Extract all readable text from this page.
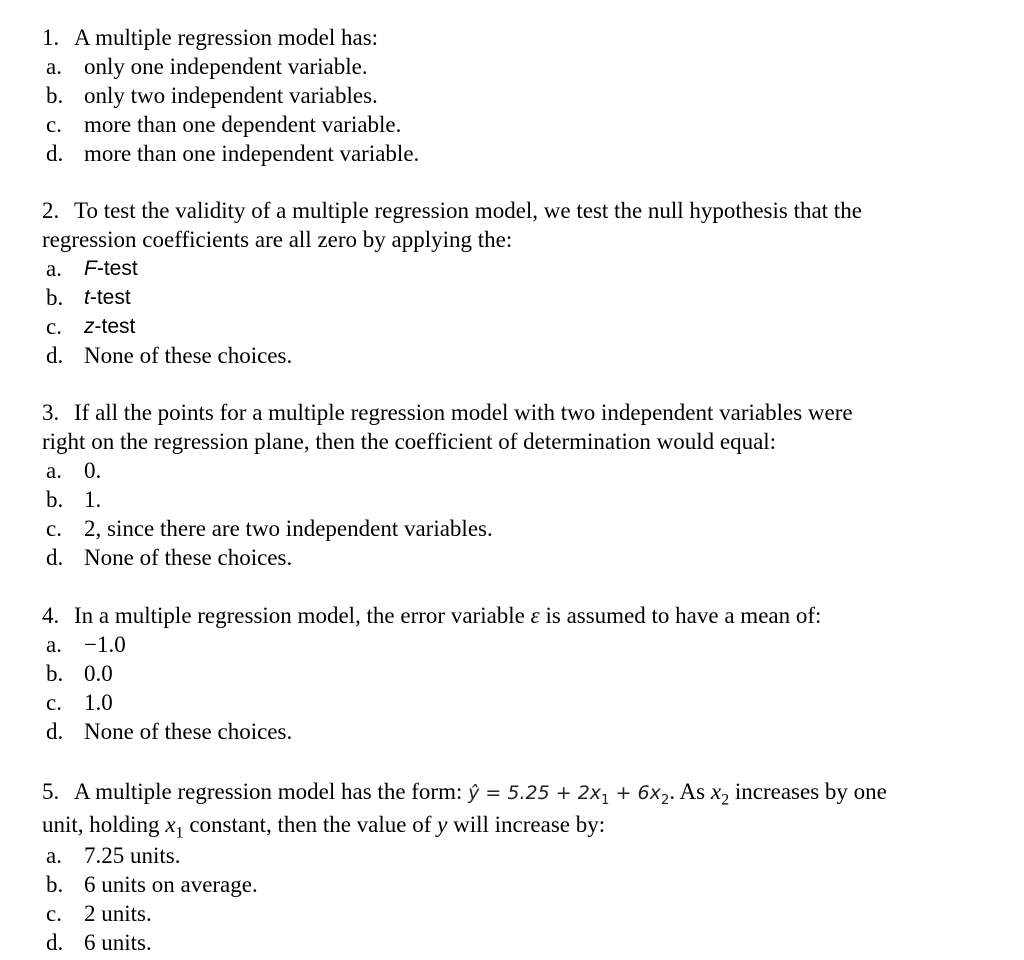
1. A multiple regression model has:

a. only one independent variable.

b. only two independent variables.

c. more than one dependent variable.

d. more than one independent variable.

2. To test the validity of a multiple regression model, we test the null hypothesis that the
regression coefficients are all zero by applying the:

a.	F-test

b. t-test

c.	z-test

d. None of these choices.

3. If all the points for a multiple regression model with two independent variables were
right on the regression plane, then the coefficient of determination would equal:

a. 0.

b. 1.

c. 2, since there are two independent variables.

d. None of these choices.

4. In a multiple regression model, the error variable ε is assumed to have a mean of:

a. −1.0

b. 0.0

c. 1.0

d. None of these choices.

5. A multiple regression model has the form: ŷ = $5.25 + 2x_1 + 6x_2$. As $x_2$ increases by one
unit, holding $x_1$ constant, then the value of y will increase by:

a. 7.25 units.

b. 6 units on average.

c. 2 units.

d. 6 units.
